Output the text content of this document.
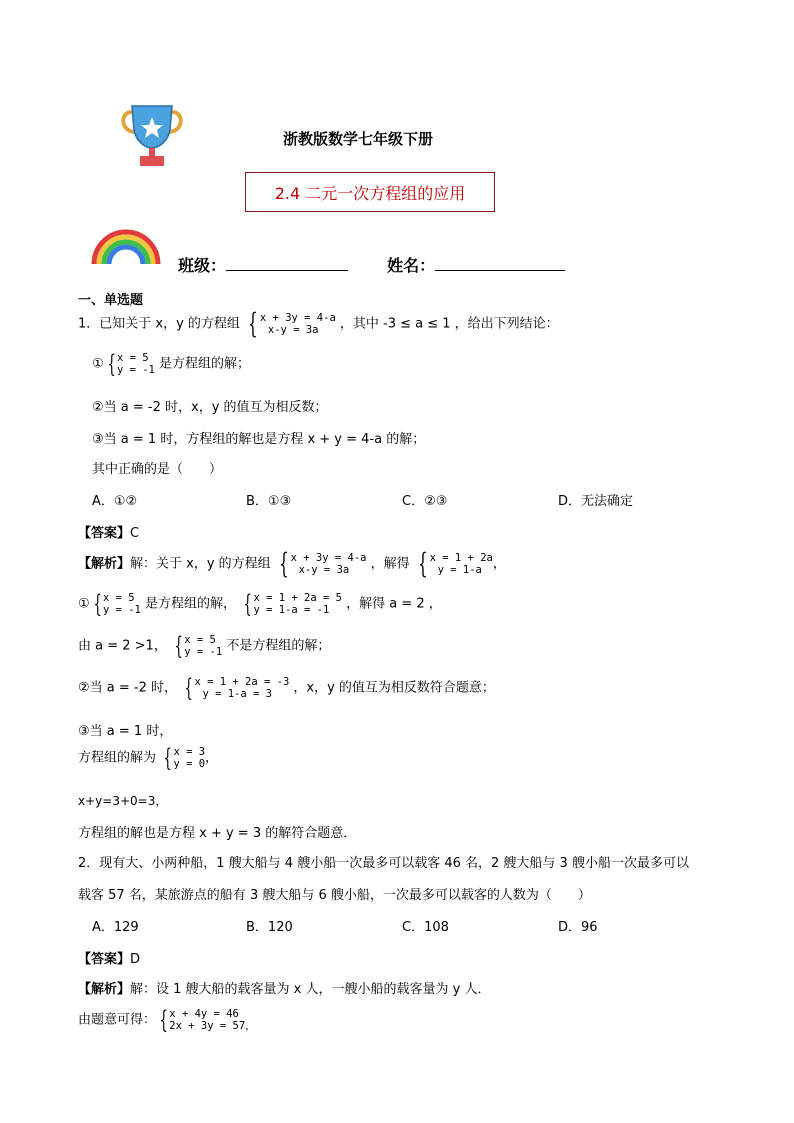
浙教版数学七年级下册
2.4 二元一次方程组的应用
班级：	姓名：
一、单选题
1．已知关于 x，y 的方程组 { x + 3y = 4-a
x-y = 3a	，其中 -3 ≤ a ≤ 1 ，给出下列结论：
① { x = 5
y = -1 是方程组的解；
②当 a = -2 时，x，y 的值互为相反数；
③当 a = 1 时，方程组的解也是方程 x + y = 4-a 的解；
其中正确的是（　　）
A．①②	B．①③	C．②③	D．无法确定
【答案】C
【解析】解：关于 x，y 的方程组 { x + 3y = 4-a
x-y = 3a	，解得 { x = 1 + 2a
y = 1-a ，
① { x = 5
y = -1 是方程组的解， { x = 1 + 2a = 5
y = 1-a = -1	，解得 a = 2 ，
由 a = 2 >1， { x = 5
y = -1 不是方程组的解；
②当 a = -2 时， { x = 1 + 2a = -3
y = 1-a = 3	，x，y 的值互为相反数符合题意；
③当 a = 1 时，
方程组的解为 { x = 3
y = 0 ，
x+y=3+0=3，
方程组的解也是方程 x + y = 3 的解符合题意．
2．现有大、小两种船，1 艘大船与 4 艘小船一次最多可以载客 46 名，2 艘大船与 3 艘小船一次最多可以
载客 57 名，某旅游点的船有 3 艘大船与 6 艘小船，一次最多可以载客的人数为（　　）
A．129	B．120	C．108	D．96
【答案】D
【解析】解：设 1 艘大船的载客量为 x 人，一艘小船的载客量为 y 人．
由题意可得： { x + 4y = 46
2x + 3y = 57，
